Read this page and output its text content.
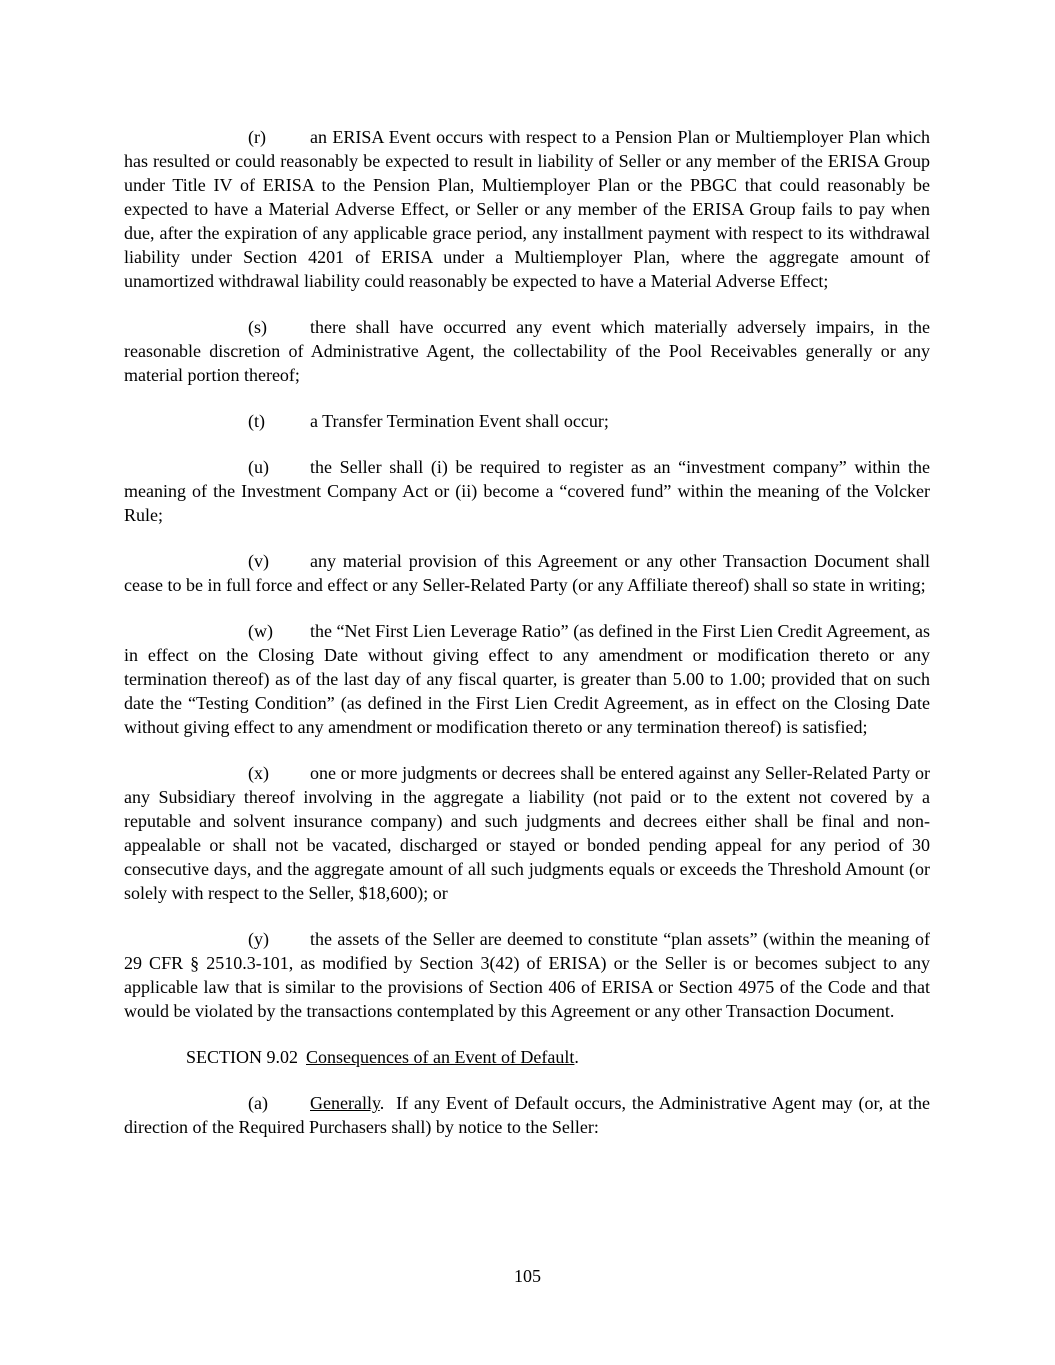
(r) an ERISA Event occurs with respect to a Pension Plan or Multiemployer Plan which has resulted or could reasonably be expected to result in liability of Seller or any member of the ERISA Group under Title IV of ERISA to the Pension Plan, Multiemployer Plan or the PBGC that could reasonably be expected to have a Material Adverse Effect, or Seller or any member of the ERISA Group fails to pay when due, after the expiration of any applicable grace period, any installment payment with respect to its withdrawal liability under Section 4201 of ERISA under a Multiemployer Plan, where the aggregate amount of unamortized withdrawal liability could reasonably be expected to have a Material Adverse Effect;

(s) there shall have occurred any event which materially adversely impairs, in the reasonable discretion of Administrative Agent, the collectability of the Pool Receivables generally or any material portion thereof;

(t)	a Transfer Termination Event shall occur;

(u) the Seller shall (i) be required to register as an “investment company” within the meaning of the Investment Company Act or (ii) become a “covered fund” within the meaning of the Volcker Rule;

(v) any material provision of this Agreement or any other Transaction Document shall cease to be in full force and effect or any Seller-Related Party (or any Affiliate thereof) shall so state in writing;

(w) the “Net First Lien Leverage Ratio” (as defined in the First Lien Credit Agreement, as in effect on the Closing Date without giving effect to any amendment or modification thereto or any termination thereof) as of the last day of any fiscal quarter, is greater than 5.00 to 1.00; provided that on such date the “Testing Condition” (as defined in the First Lien Credit Agreement, as in effect on the Closing Date without giving effect to any amendment or modification thereto or any termination thereof) is satisfied;

(x) one or more judgments or decrees shall be entered against any Seller-Related Party or any Subsidiary thereof involving in the aggregate a liability (not paid or to the extent not covered by a reputable and solvent insurance company) and such judgments and decrees either shall be final and non-appealable or shall not be vacated, discharged or stayed or bonded pending appeal for any period of 30 consecutive days, and the aggregate amount of all such judgments equals or exceeds the Threshold Amount (or solely with respect to the Seller, $18,600); or

(y) the assets of the Seller are deemed to constitute “plan assets” (within the meaning of 29 CFR § 2510.3-101, as modified by Section 3(42) of ERISA) or the Seller is or becomes subject to any applicable law that is similar to the provisions of Section 406 of ERISA or Section 4975 of the Code and that would be violated by the transactions contemplated by this Agreement or any other Transaction Document.

SECTION 9.02 Consequences of an Event of Default.

(a) Generally. If any Event of Default occurs, the Administrative Agent may (or, at the direction of the Required Purchasers shall) by notice to the Seller:

105
